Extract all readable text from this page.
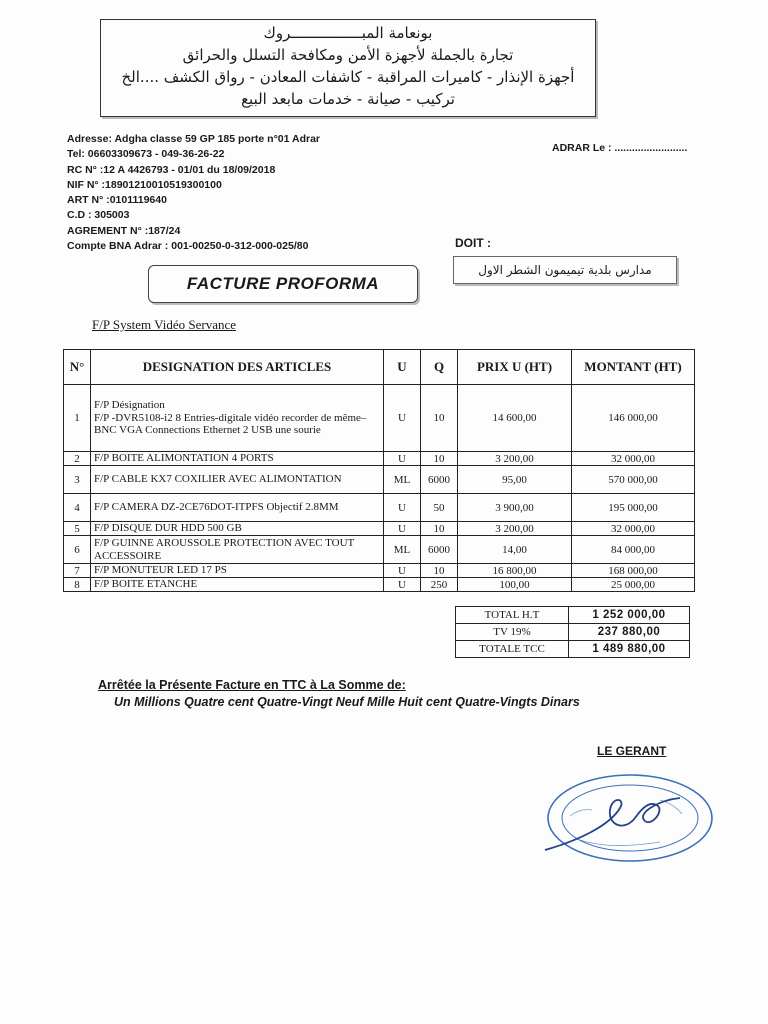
بونعامة المبــــــــــــــــروك
تجارة بالجملة لأجهزة الأمن ومكافحة التسلل والحرائق
أجهزة الإنذار - كاميرات المراقبة - كاشفات المعادن - رواق الكشف ....الخ
تركيب - صيانة - خدمات مابعد البيع
Adresse: Adgha classe 59 GP 185 porte n°01 Adrar
Tel: 06603309673 - 049-36-26-22
RC N° :12 A 4426793 - 01/01 du 18/09/2018
NIF N° :18901210010519300100
ART N° :0101119640
C.D : 305003
AGREMENT N° :187/24
Compte BNA Adrar : 001-00250-0-312-000-025/80
ADRAR Le : .........................
DOIT :
مدارس بلدية تيميمون الشطر الاول
FACTURE PROFORMA
F/P System Vidéo Servance
N°	DESIGNATION DES ARTICLES	U	Q	PRIX U (HT)	MONTANT (HT)
1	F/P Désignation
F/P -DVR5108-i2 8 Entries-digitale vidéo recorder de même– BNC VGA Connections Ethernet 2 USB une sourie	U	10	14 600,00	146 000,00
2	F/P BOITE ALIMONTATION 4 PORTS	U	10	3 200,00	32 000,00
3	F/P CABLE KX7 COXILIER AVEC ALIMONTATION	ML	6000	95,00	570 000,00
4	F/P CAMERA DZ-2CE76DOT-ITPFS Objectif 2.8MM	U	50	3 900,00	195 000,00
5	F/P DISQUE DUR HDD 500 GB	U	10	3 200,00	32 000,00
6	F/P GUINNE AROUSSOLE PROTECTION AVEC TOUT ACCESSOIRE	ML	6000	14,00	84 000,00
7	F/P MONUTEUR LED 17 PS	U	10	16 800,00	168 000,00
8	F/P BOITE ETANCHE	U	250	100,00	25 000,00
TOTAL H.T	1 252 000,00
TV 19%	237 880,00
TOTALE TCC	1 489 880,00
Arrêtée la Présente Facture en TTC à La Somme de:
Un Millions Quatre cent Quatre-Vingt Neuf Mille Huit cent Quatre-Vingts Dinars
LE GERANT
